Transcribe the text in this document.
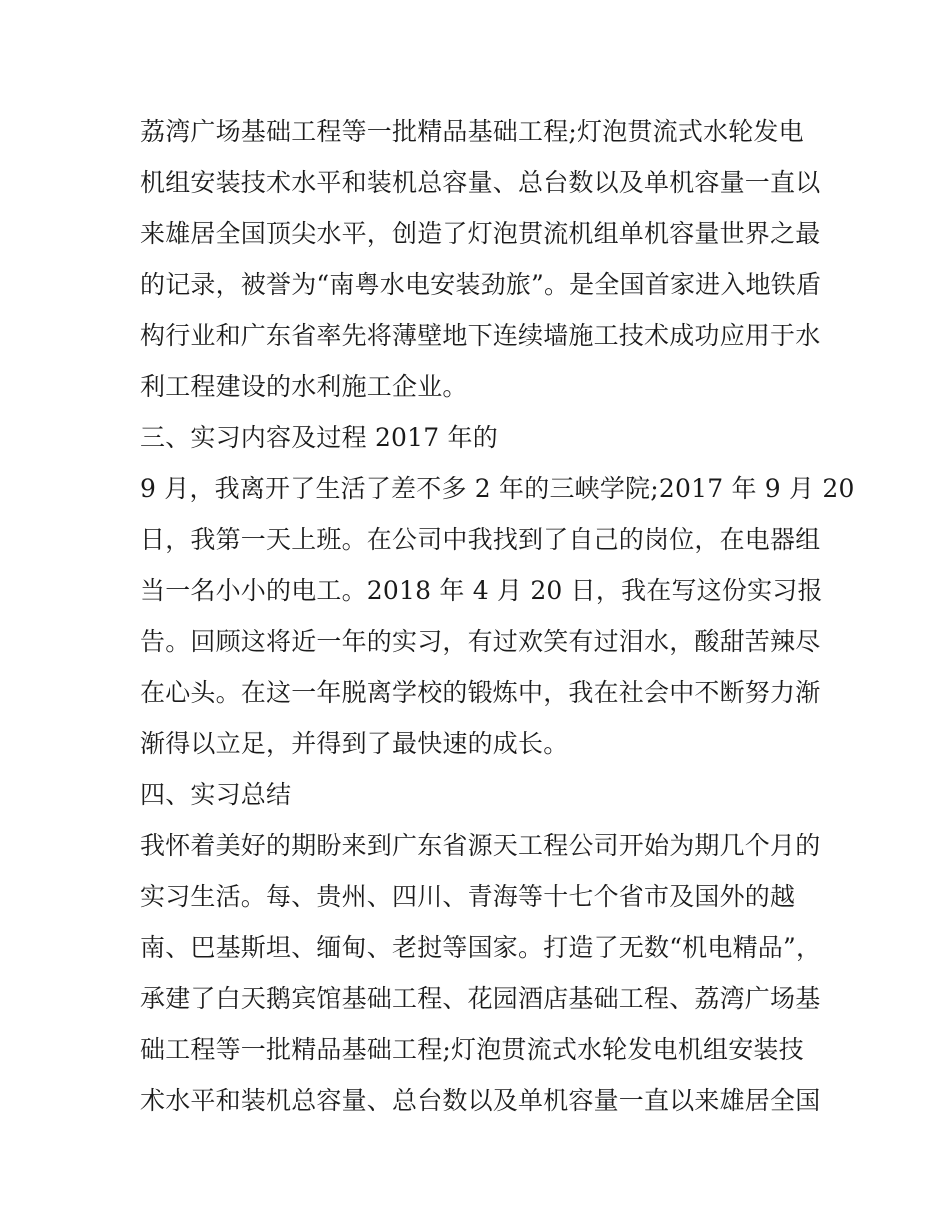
荔湾广场基础工程等一批精品基础工程;灯泡贯流式水轮发电
机组安装技术水平和装机总容量、总台数以及单机容量一直以
来雄居全国顶尖水平，创造了灯泡贯流机组单机容量世界之最
的记录，被誉为“南粤水电安装劲旅”。是全国首家进入地铁盾
构行业和广东省率先将薄壁地下连续墙施工技术成功应用于水
利工程建设的水利施工企业。
三、实习内容及过程 2017 年的
9 月，我离开了生活了差不多 2 年的三峡学院;2017 年 9 月 20
日，我第一天上班。在公司中我找到了自己的岗位，在电器组
当一名小小的电工。2018 年 4 月 20 日，我在写这份实习报
告。回顾这将近一年的实习，有过欢笑有过泪水，酸甜苦辣尽
在心头。在这一年脱离学校的锻炼中，我在社会中不断努力渐
渐得以立足，并得到了最快速的成长。
四、实习总结
我怀着美好的期盼来到广东省源天工程公司开始为期几个月的
实习生活。每、贵州、四川、青海等十七个省市及国外的越
南、巴基斯坦、缅甸、老挝等国家。打造了无数“机电精品”，
承建了白天鹅宾馆基础工程、花园酒店基础工程、荔湾广场基
础工程等一批精品基础工程;灯泡贯流式水轮发电机组安装技
术水平和装机总容量、总台数以及单机容量一直以来雄居全国
